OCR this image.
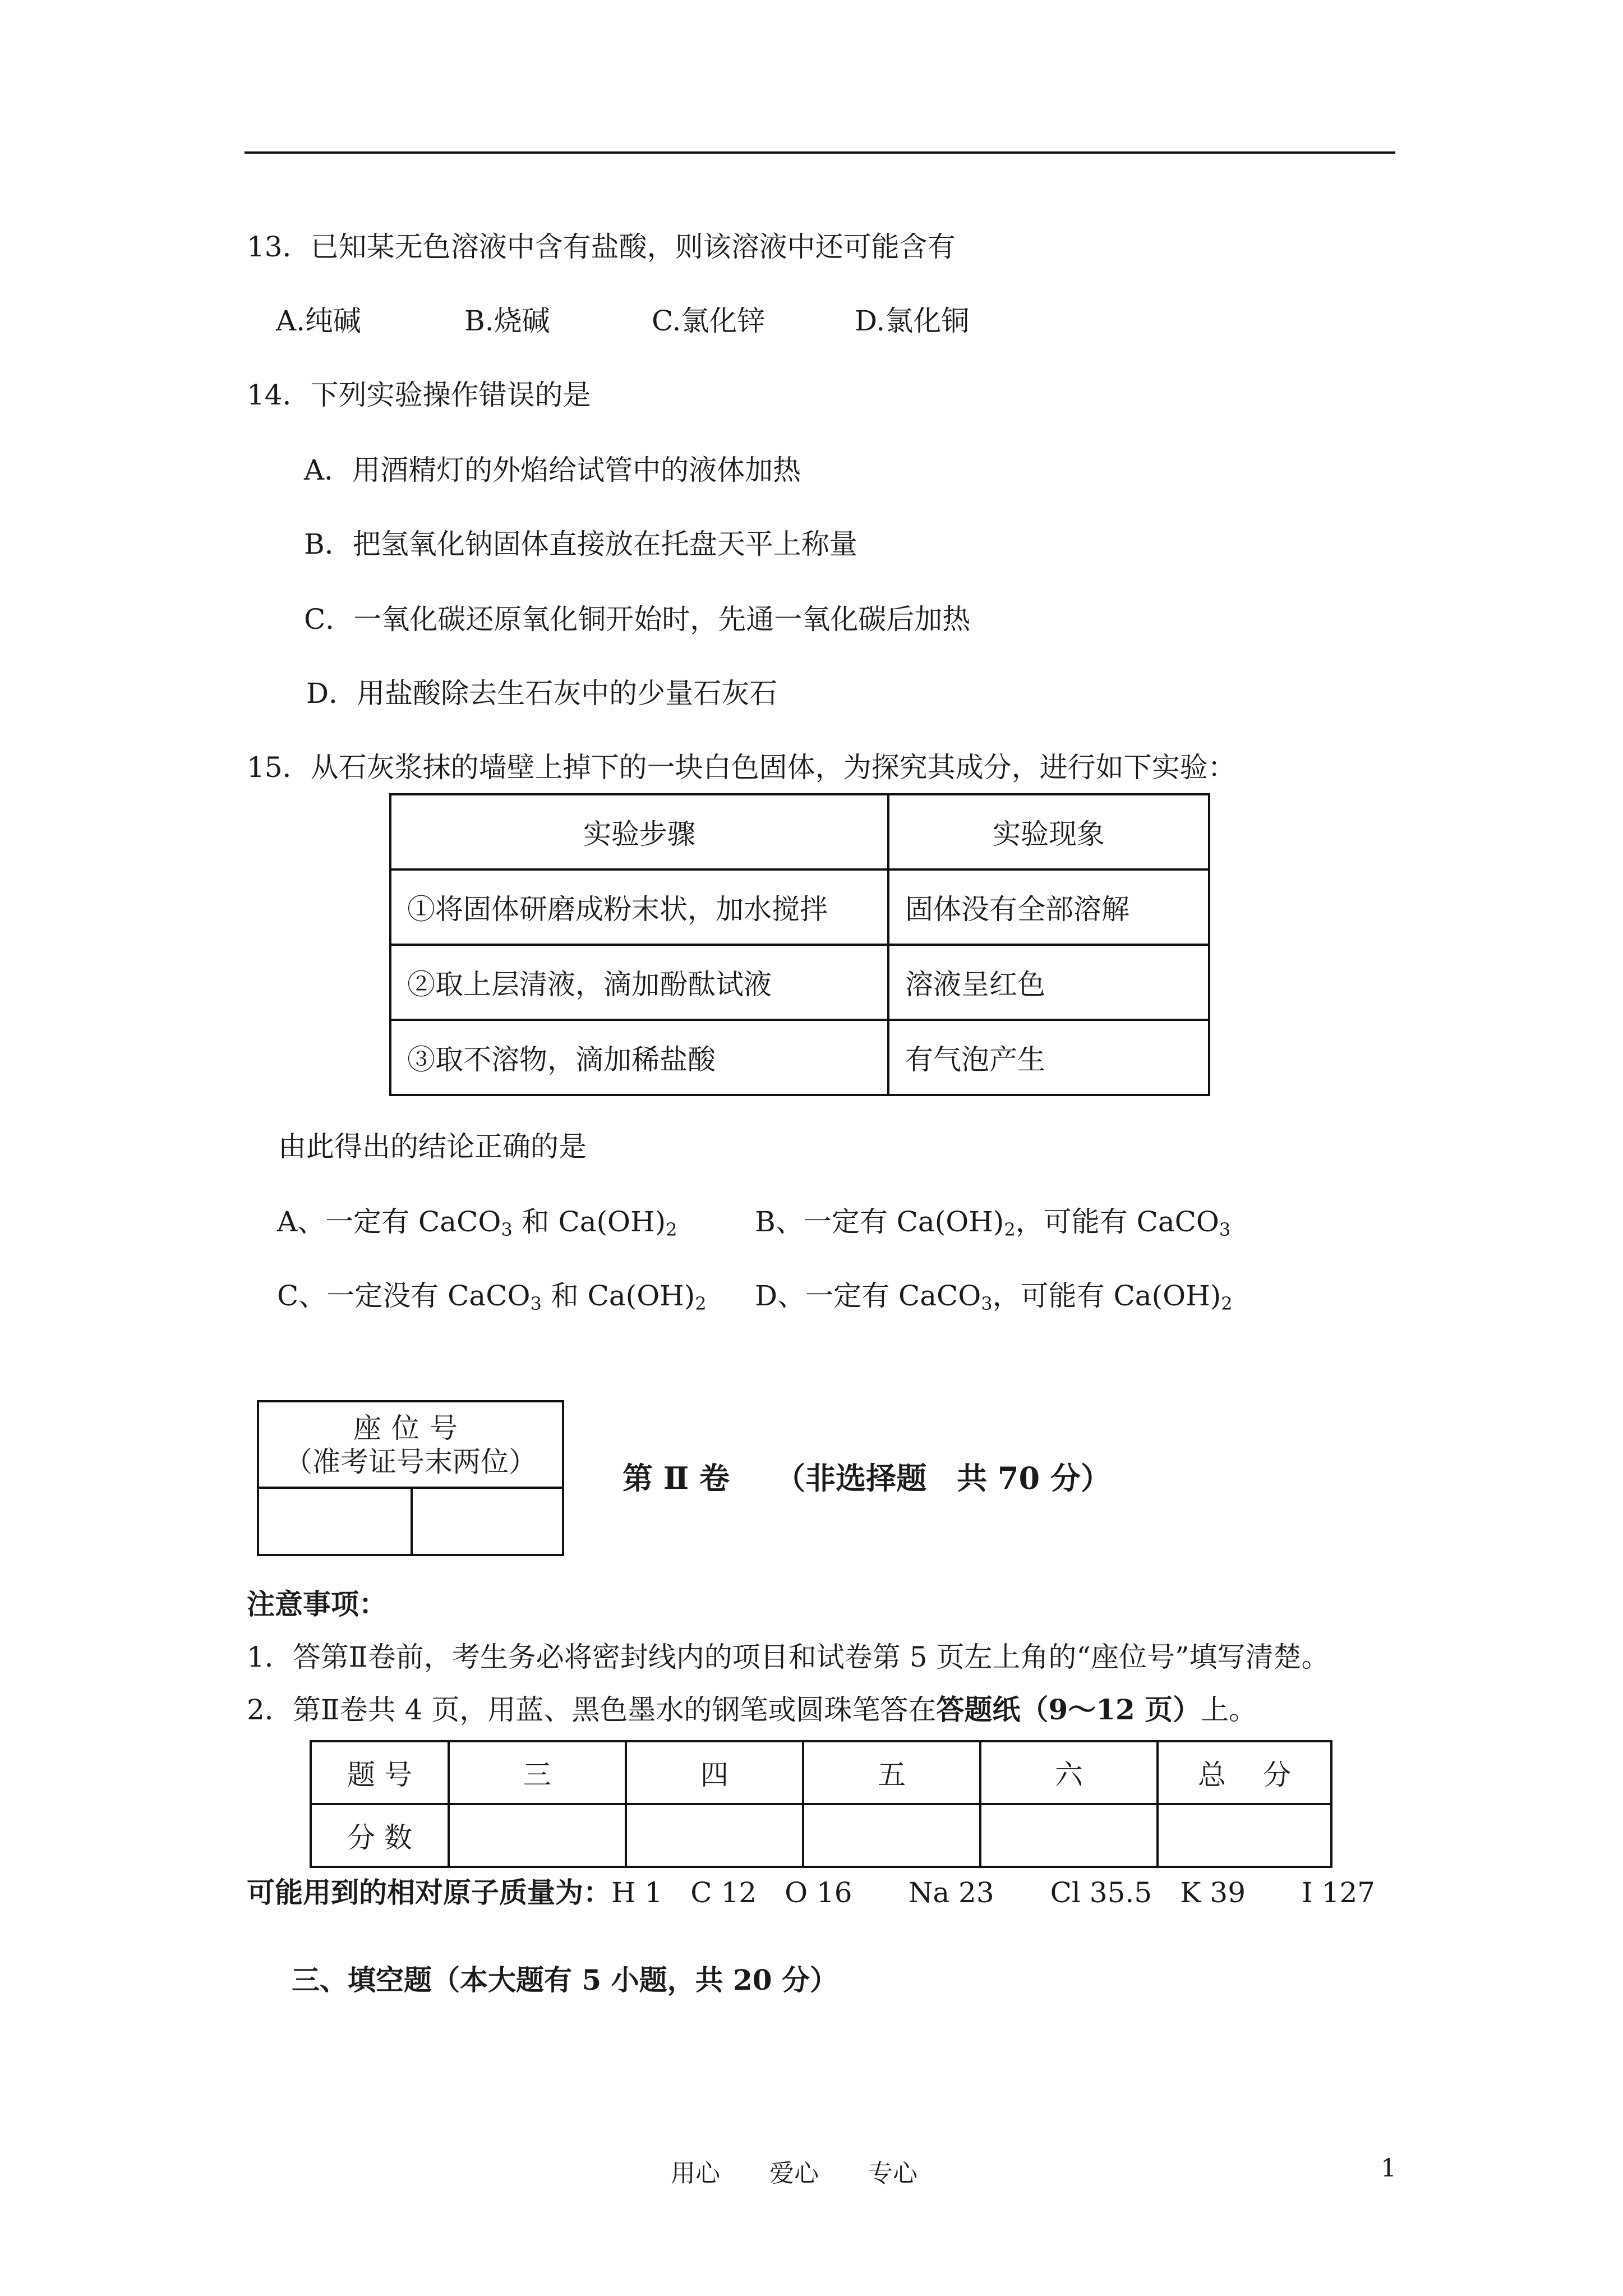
13．已知某无色溶液中含有盐酸，则该溶液中还可能含有
A.纯碱	B.烧碱	C.氯化锌	D.氯化铜
14．下列实验操作错误的是
A．用酒精灯的外焰给试管中的液体加热
B．把氢氧化钠固体直接放在托盘天平上称量
C．一氧化碳还原氧化铜开始时，先通一氧化碳后加热
D．用盐酸除去生石灰中的少量石灰石
15．从石灰浆抹的墙壁上掉下的一块白色固体，为探究其成分，进行如下实验：
实验步骤	实验现象
①将固体研磨成粉末状，加水搅拌	固体没有全部溶解
②取上层清液，滴加酚酞试液	溶液呈红色
③取不溶物，滴加稀盐酸	有气泡产生
由此得出的结论正确的是
A、一定有 CaCO$_3$ 和 $Ca(OH)_2$	B、一定有 $Ca(OH)_2$，可能有 CaCO$_3$
C、一定没有 CaCO$_3$ 和 $Ca(OH)_2$ D、一定有 CaCO$_3$，可能有 $Ca(OH)_2$
座位号
（准考证号末两位）	第 Ⅱ 卷　　（非选择题　共 70 分）
注意事项：
1．答第Ⅱ卷前，考生务必将密封线内的项目和试卷第 5 页左上角的“座位号”填写清楚。
2．第Ⅱ卷共 4 页，用蓝、黑色墨水的钢笔或圆珠笔答在答题纸（9～12 页）上。
题 号	三	四	五	六	总　 分
分 数					
可能用到的相对原子质量为：H 1　C 12　O 16　　Na 23　　Cl 35.5　K 39　　I 127
三、填空题（本大题有 5 小题，共 20 分）
用心　　爱心　　专心	1
